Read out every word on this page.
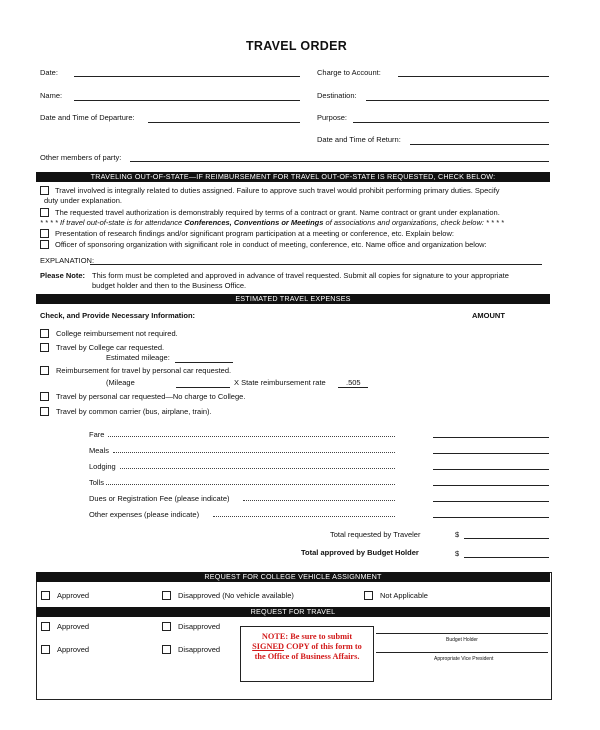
TRAVEL ORDER
Date:
Name:
Date and Time of Departure:
Charge to Account:
Destination:
Purpose:
Date and Time of Return:
Other members of party:
TRAVELING OUT-OF-STATE—IF REIMBURSEMENT FOR TRAVEL OUT-OF-STATE IS REQUESTED, CHECK BELOW:
Travel involved is integrally related to duties assigned. Failure to approve such travel would prohibit performing primary duties. Specify
duty under explanation.
The requested travel authorization is demonstrably required by terms of a contract or grant. Name contract or grant under explanation.
* * * * If travel out-of-state is for attendance Conferences, Conventions or Meetings of associations and organizations, check below: * * * *
Presentation of research findings and/or significant program participation at a meeting or conference, etc. Explain below:
Officer of sponsoring organization with significant role in conduct of meeting, conference, etc. Name office and organization below:
EXPLANATION:
Please Note: This form must be completed and approved in advance of travel requested. Submit all copies for signature to your appropriate
budget holder and then to the Business Office.
ESTIMATED TRAVEL EXPENSES
Check, and Provide Necessary Information:	AMOUNT
College reimbursement not required.
Travel by College car requested.
Estimated mileage:
Reimbursement for travel by personal car requested.
(Mileage	X State reimbursement rate	.505
Travel by personal car requested—No charge to College.
Travel by common carrier (bus, airplane, train).
Fare
Meals
Lodging
Tolls
Dues or Registration Fee (please indicate)
Other expenses (please indicate)
Total requested by Traveler	$
Total approved by Budget Holder	$
REQUEST FOR COLLEGE VEHICLE ASSIGNMENT
Approved	Disapproved (No vehicle available)	Not Applicable
REQUEST FOR TRAVEL
Approved	Disapproved
Approved	Disapproved
Budget Holder
Appropriate Vice President
NOTE: Be sure to submit
SIGNED COPY of this form to
the Office of Business Affairs.
